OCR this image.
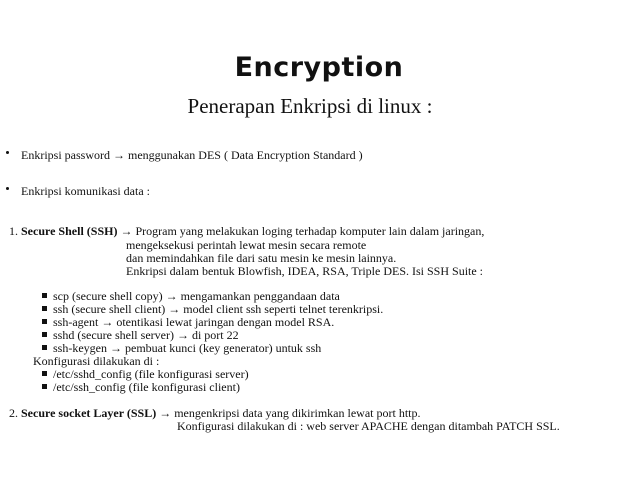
Encryption
Penerapan Enkripsi di linux :
Enkripsi password → menggunakan DES ( Data Encryption Standard )
Enkripsi komunikasi data :
1. Secure Shell (SSH) → Program yang melakukan loging terhadap komputer lain dalam jaringan,
mengeksekusi perintah lewat mesin secara remote
dan memindahkan file dari satu mesin ke mesin lainnya.
Enkripsi dalam bentuk Blowfish, IDEA, RSA, Triple DES. Isi SSH Suite :
scp (secure shell copy) → mengamankan penggandaan data
ssh (secure shell client) → model client ssh seperti telnet terenkripsi.
ssh-agent → otentikasi lewat jaringan dengan model RSA.
sshd (secure shell server) → di port 22
ssh-keygen → pembuat kunci (key generator) untuk ssh
Konfigurasi dilakukan di :
/etc/sshd_config (file konfigurasi server)
/etc/ssh_config (file konfigurasi client)
2. Secure socket Layer (SSL) → mengenkripsi data yang dikirimkan lewat port http.
Konfigurasi dilakukan di : web server APACHE dengan ditambah PATCH SSL.
